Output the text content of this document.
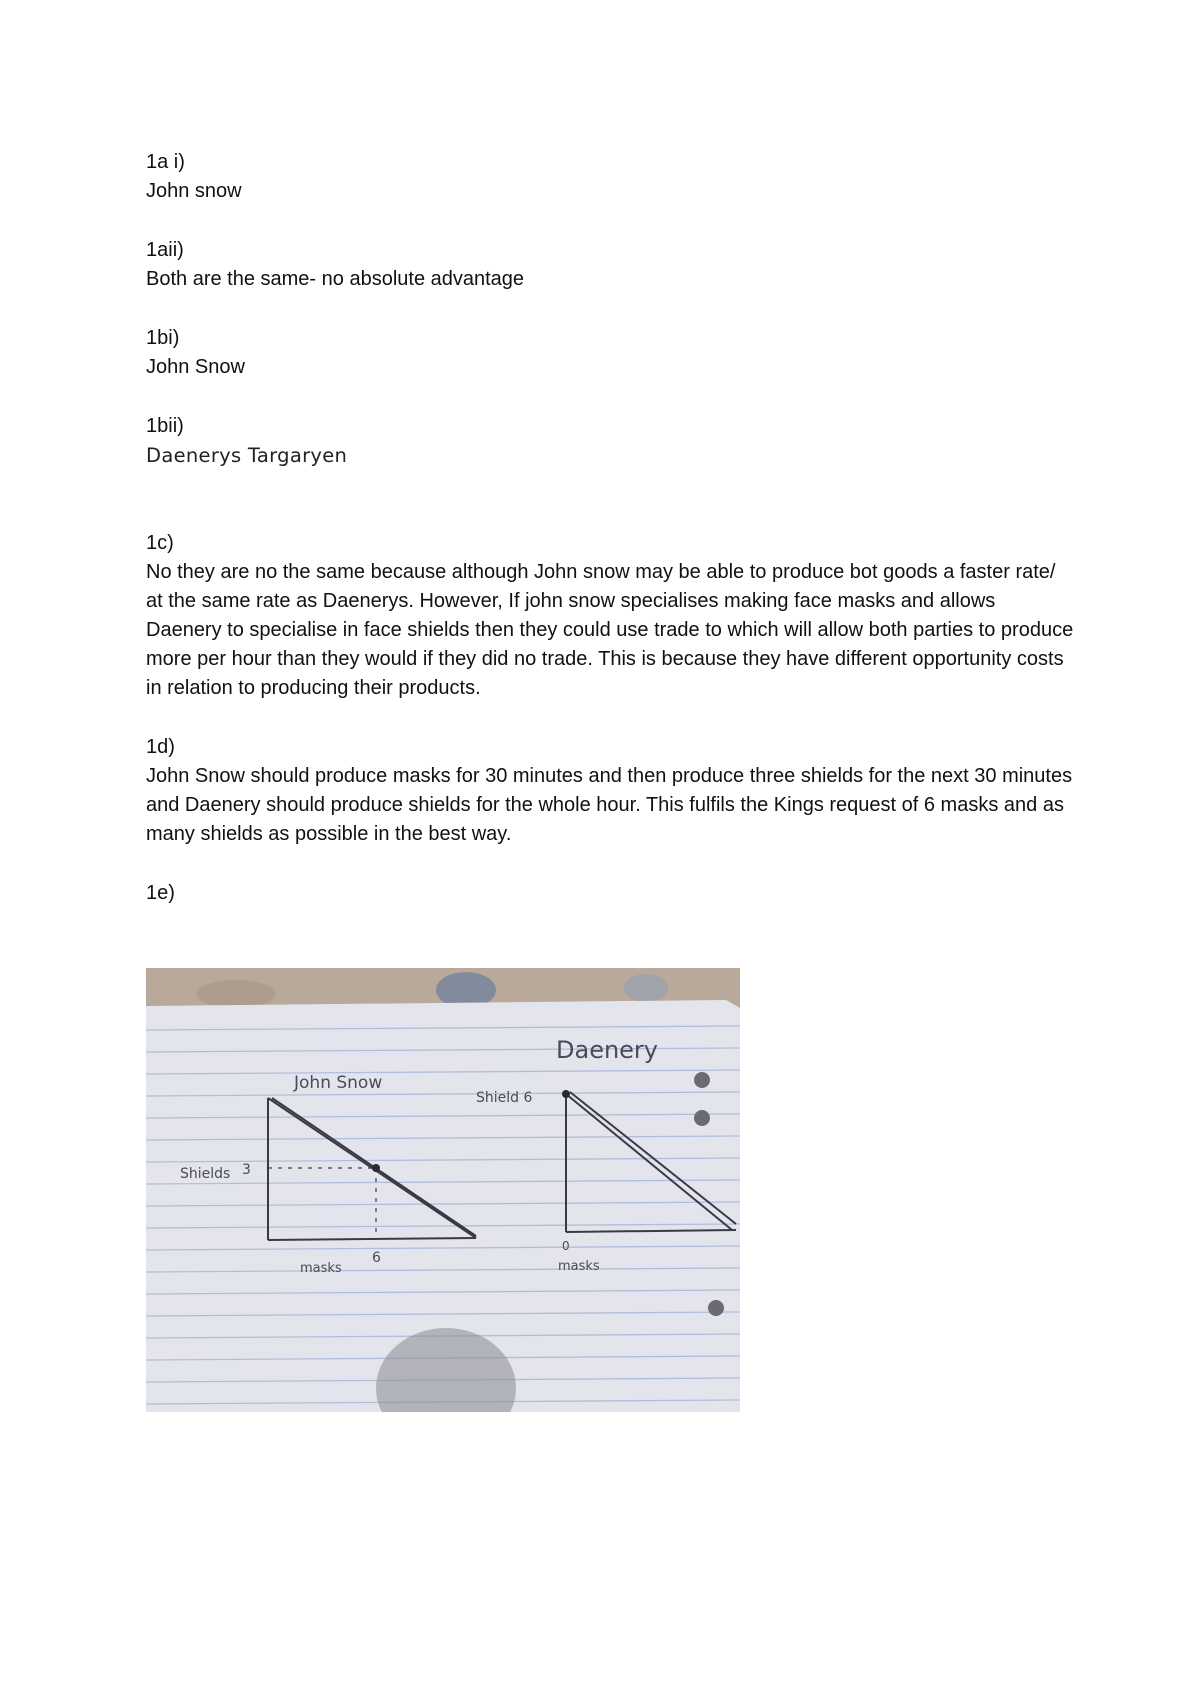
1a i)

John snow

1aii)

Both are the same- no absolute advantage

1bi)

John Snow

1bii)

Daenerys Targaryen

1c)

No they are no the same because although John snow may be able to produce bot goods a faster rate/ at the same rate as Daenerys. However, If john snow specialises making face masks and allows Daenery to specialise in face shields then they could use trade to which will allow both parties to produce more per hour than they would if they did no trade. This is because they have different opportunity costs in relation to producing their products.

1d)

John Snow should produce masks for 30 minutes and then produce three shields for the next 30 minutes and Daenery should produce shields for the whole hour. This fulfils the Kings request of 6 masks and as many shields as possible in the best way.

1e)

John Snow
Shields 3
masks
6
Daenery
Shield 6
0
masks
